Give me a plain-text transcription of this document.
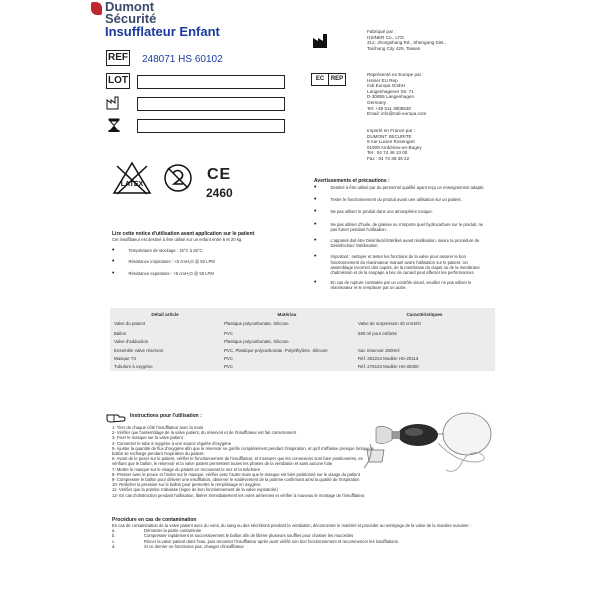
Dumont
Sécurité
Insufflateur Enfant	Fabriqué par :
HSINER Co., LTD.
312, Jhongshang Rd., Shengang Dist.,
Taichung City 429, Taiwan
REF 248071 HS 60102
LOT	EC	REP
Représenté en Europe par :
Hsiner EU Rep
mdi Europa GmbH
Langenhagener Str. 71
D-30855 Langenhagen
Germany
Tel: +49 511 3908530
Email: info@mdi-europa.com
Importé en France par :
DUMONT SECURITE
9 rue Lucien Rosengart
01508 Ambérieu-en-Bugey
Tel : 04 74 46 13 00
Fax : 04 74 38 35 22
LATEX
CE
2460
Avertissements et précautions :
•	Destiné à être utilisé par du personnel qualifié ayant reçu un enseignement adapté.
•	Tester le fonctionnement du produit avant une utilisation sur un patient.
•	Ne pas utiliser le produit dans une atmosphère toxique.
•	Ne pas utiliser d'huile, de graisse ou n'importe quel hydrocarbure sur le produit, ne pas fumer pendant l'utilisation.
•	L'appareil doit être Désinfecté/Stérilisé avant réutilisation, suivre la procédure de Désinfection/ Stérilisation.
•	Important : nettoyer et tester les fonctions de la valve pour assurer le bon fonctionnement du réanimateur manuel avant l'utilisation sur le patient. Un assemblage incorrect des capots, de la membrane du clapet ou de la membrane d'admission et de la soupape à bec de canard peut affecter les performances.
•	En cas de rupture constatée par un contrôle visuel, veuillez ne pas utiliser le réanimateur et le remplacer par un autre.
Lire cette notice d'utilisation avant application sur le patient
Cet insufflateur est destiné à être utilisé sur un enfant entre 5 et 20 kg.
•	Température de stockage : 15°C à 25°C
•	Résistance inspiratoire : <5 cmH₂O @ 50 LPM
•	Résistance expiratoire : <5 cmH₂O @ 50 LPM
Détail article	Matériau	Caractéristiques
Valve du patient	Plastique polycarbonate, Silicone	Valve de surpression 40 cmH2O

Ballon	PVC	550 ml pour enfants

Valve d'adduction	Plastique polycarbonate, Silicone	

Ensemble valve réservoir	PVC, Plastique polycarbonate, Polyéthylène, Silicone	Sac réservoir 2500ml

Masque T3	PVC	Réf. 302213 Modèle HS-20113

Tubulure à oxygène	PVC	Réf. 278103 Modèle HS-30300
Instructions pour l'utilisation :
1- Tirer de chaque côté l'insufflateur avec la main
2- Vérifier que l'assemblage de la valve patient, du réservoir et de l'insufflateur est fait correctement
3- Fixer le masque sur la valve patient
4- Connecter le tube à oxygène à une source régulée d'oxygène
5- Ajuster la quantité de flux d'oxygène afin que le réservoir se gonfle complètement pendant l'inspiration, et qu'il s'affaisse presque lorsque le ballon se recharge pendant l'expiration du patient.
6- Avant de le poser sur le patient, vérifier le fonctionnement de l'insufflateur, et s'assurer que les connexions sont bien positionnées, en vérifiant que le ballon, le réservoir et la valve patient permettent toutes les phases de la ventilation et sans aucune fuite
7- Mettre le masque sur le visage du patient en recouvrant le nez et la mâchoire
8- Presser avec le pouce et l'index sur le masque, vérifier avec l'autre main que le masque est bien positionné sur le visage du patient
9- Compresser le ballon pour délivrer une insufflation, observer le soulèvement de la poitrine confirmant ainsi la qualité de l'inspiration
10- Relâcher la pression sur le ballon pour permettre le remplissage en oxygène
11- Vérifier que la poitrine s'abaisse (signe de bon fonctionnement de la valve expiratoire)
12- En cas d'obstruction pendant l'utilisation, libérer immédiatement les voies aériennes et vérifier à nouveau le montage de l'insufflateur.
Procédure en cas de contamination
En cas de contamination de la valve patient avec du vomi, du sang ou des sécrétions pendant la ventilation, déconnecter le matériel et procéder au nettoyage de la valve de la manière suivante :
a.	Démonter la partie contaminée
b.	Compresser rapidement et successivement le ballon afin de libérer plusieurs souffles pour chasser les mucosités
c.	Rincer la valve patient dans l'eau, puis remonter l'insufflateur après avoir vérifié son bon fonctionnement et recommencer les insufflations.
d.	Si ce dernier ne fonctionne pas, changer d'insufflateur
